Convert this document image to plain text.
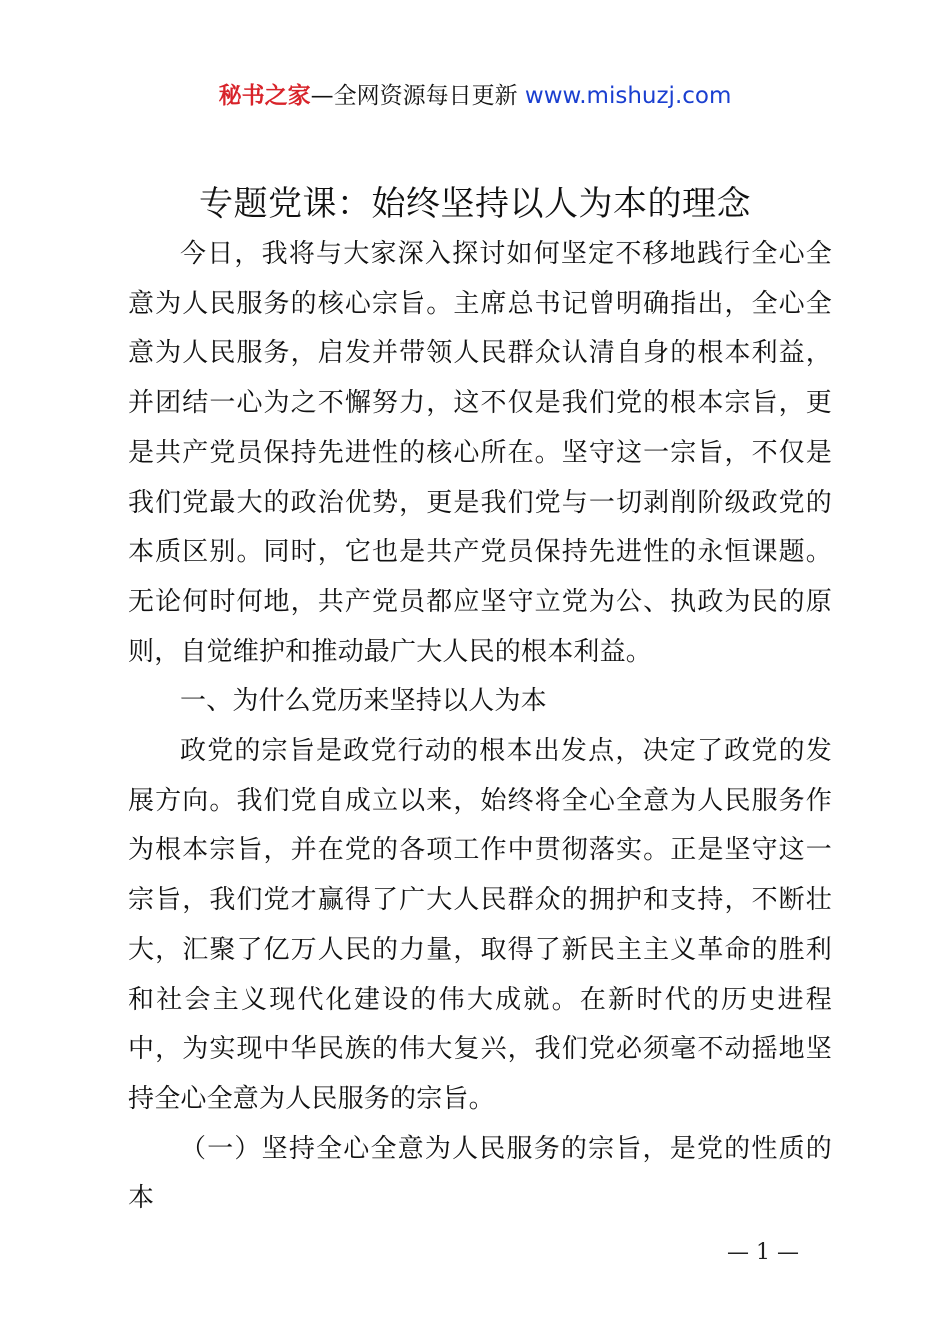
秘书之家—全网资源每日更新 www.mishuzj.com
专题党课：始终坚持以人为本的理念

今日，我将与大家深入探讨如何坚定不移地践行全心全意为人民服务的核心宗旨。主席总书记曾明确指出，全心全意为人民服务，启发并带领人民群众认清自身的根本利益，并团结一心为之不懈努力，这不仅是我们党的根本宗旨，更是共产党员保持先进性的核心所在。坚守这一宗旨，不仅是我们党最大的政治优势，更是我们党与一切剥削阶级政党的本质区别。同时，它也是共产党员保持先进性的永恒课题。无论何时何地，共产党员都应坚守立党为公、执政为民的原则，自觉维护和推动最广大人民的根本利益。

一、为什么党历来坚持以人为本

政党的宗旨是政党行动的根本出发点，决定了政党的发展方向。我们党自成立以来，始终将全心全意为人民服务作为根本宗旨，并在党的各项工作中贯彻落实。正是坚守这一宗旨，我们党才赢得了广大人民群众的拥护和支持，不断壮大，汇聚了亿万人民的力量，取得了新民主主义革命的胜利和社会主义现代化建设的伟大成就。在新时代的历史进程中，为实现中华民族的伟大复兴，我们党必须毫不动摇地坚持全心全意为人民服务的宗旨。

（一）坚持全心全意为人民服务的宗旨，是党的性质的本

— 1 —
